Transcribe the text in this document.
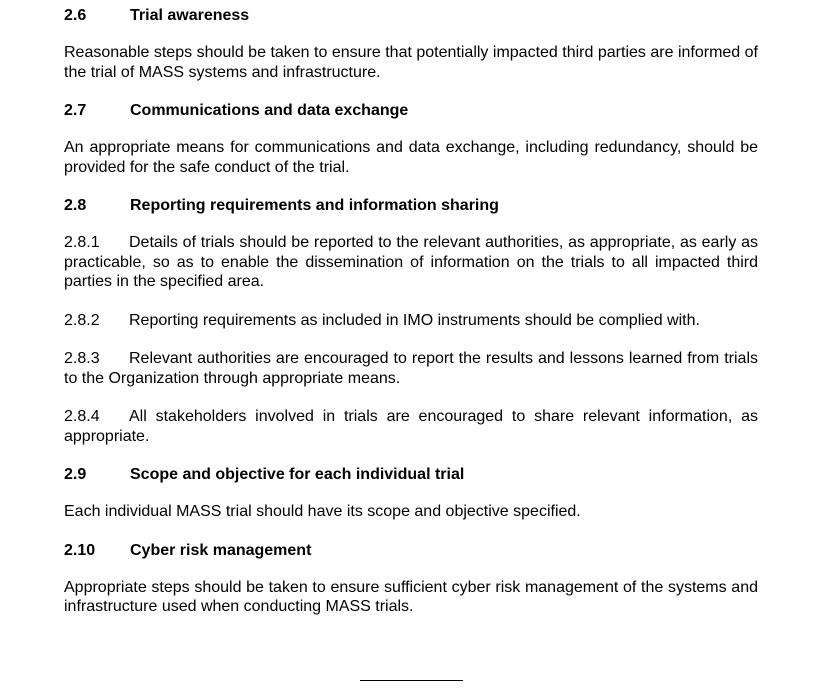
2.6	Trial awareness

Reasonable steps should be taken to ensure that potentially impacted third parties are informed of the trial of MASS systems and infrastructure.

2.7	Communications and data exchange

An appropriate means for communications and data exchange, including redundancy, should be provided for the safe conduct of the trial.

2.8	Reporting requirements and information sharing

2.8.1 Details of trials should be reported to the relevant authorities, as appropriate, as early as practicable, so as to enable the dissemination of information on the trials to all impacted third parties in the specified area.

2.8.2 Reporting requirements as included in IMO instruments should be complied with.

2.8.3 Relevant authorities are encouraged to report the results and lessons learned from trials to the Organization through appropriate means.

2.8.4 All stakeholders involved in trials are encouraged to share relevant information, as appropriate.

2.9	Scope and objective for each individual trial

Each individual MASS trial should have its scope and objective specified.

2.10	Cyber risk management

Appropriate steps should be taken to ensure sufficient cyber risk management of the systems and infrastructure used when conducting MASS trials.
